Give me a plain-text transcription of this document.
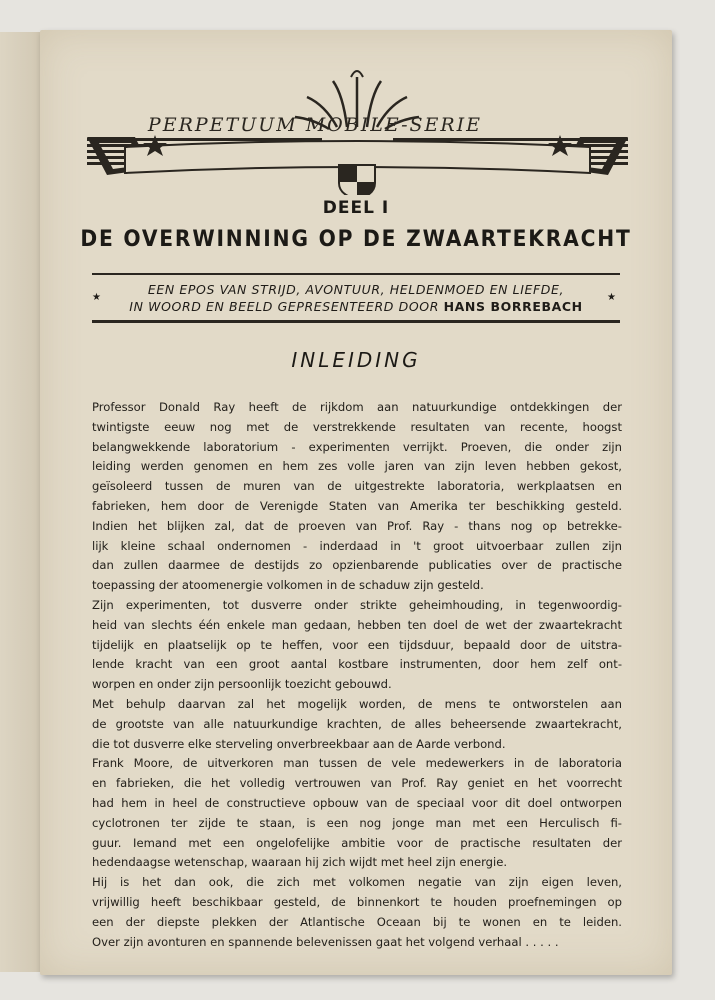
PERPETUUM MOBILE-SERIE
DEEL I
DE OVERWINNING OP DE ZWAARTEKRACHT
★	★
EEN EPOS VAN STRIJD, AVONTUUR, HELDENMOED EN LIEFDE,
IN WOORD EN BEELD GEPRESENTEERD DOOR HANS BORREBACH
INLEIDING
Professor Donald Ray heeft de rijkdom aan natuurkundige ontdekkingen der
twintigste eeuw nog met de verstrekkende resultaten van recente, hoogst
belangwekkende laboratorium - experimenten verrijkt. Proeven, die onder zijn
leiding werden genomen en hem zes volle jaren van zijn leven hebben gekost,
geïsoleerd tussen de muren van de uitgestrekte laboratoria, werkplaatsen en
fabrieken, hem door de Verenigde Staten van Amerika ter beschikking gesteld.
Indien het blijken zal, dat de proeven van Prof. Ray - thans nog op betrekke-
lijk kleine schaal ondernomen - inderdaad in 't groot uitvoerbaar zullen zijn
dan zullen daarmee de destijds zo opzienbarende publicaties over de practische
toepassing der atoomenergie volkomen in de schaduw zijn gesteld.
Zijn experimenten, tot dusverre onder strikte geheimhouding, in tegenwoordig-
heid van slechts één enkele man gedaan, hebben ten doel de wet der zwaartekracht
tijdelijk en plaatselijk op te heffen, voor een tijdsduur, bepaald door de uitstra-
lende kracht van een groot aantal kostbare instrumenten, door hem zelf ont-
worpen en onder zijn persoonlijk toezicht gebouwd.
Met behulp daarvan zal het mogelijk worden, de mens te ontworstelen aan
de grootste van alle natuurkundige krachten, de alles beheersende zwaartekracht,
die tot dusverre elke sterveling onverbreekbaar aan de Aarde verbond.
Frank Moore, de uitverkoren man tussen de vele medewerkers in de laboratoria
en fabrieken, die het volledig vertrouwen van Prof. Ray geniet en het voorrecht
had hem in heel de constructieve opbouw van de speciaal voor dit doel ontworpen
cyclotronen ter zijde te staan, is een nog jonge man met een Herculisch fi-
guur. Iemand met een ongelofelijke ambitie voor de practische resultaten der
hedendaagse wetenschap, waaraan hij zich wijdt met heel zijn energie.
Hij is het dan ook, die zich met volkomen negatie van zijn eigen leven,
vrijwillig heeft beschikbaar gesteld, de binnenkort te houden proefnemingen op
een der diepste plekken der Atlantische Oceaan bij te wonen en te leiden.
Over zijn avonturen en spannende belevenissen gaat het volgend verhaal . . . . .
